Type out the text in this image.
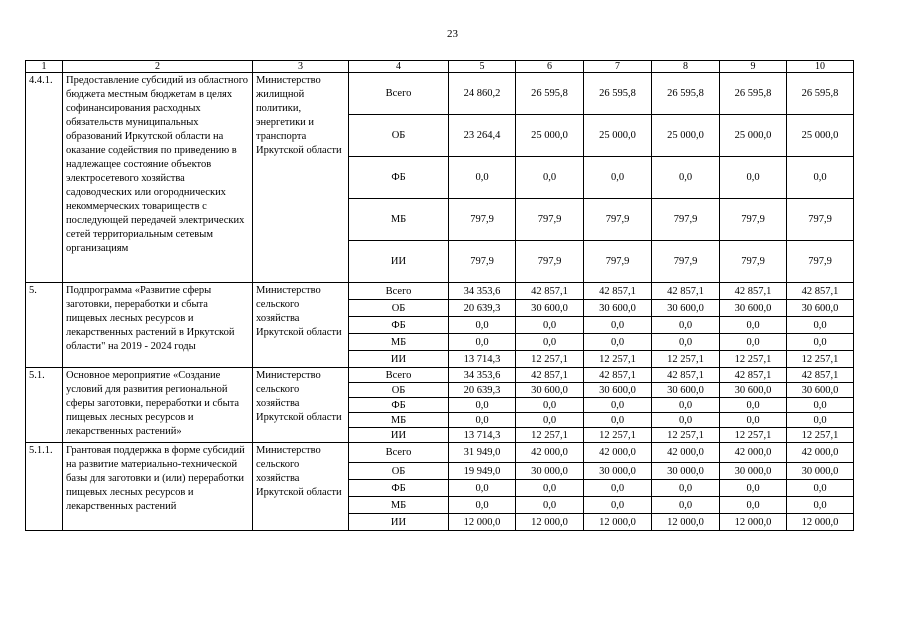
23
1	2	3	4	5	6	7	8	9	10
4.4.1.	Предоставление субсидий из областного бюджета местным бюджетам в целях софинансирования расходных обязательств муниципальных образований Иркутской области на оказание содействия по приведению в надлежащее состояние объектов электросетевого хозяйства садоводческих или огороднических некоммерческих товариществ с последующей передачей электрических сетей территориальным сетевым организациям	Министерство жилищной политики, энергетики и транспорта Иркутской области	Всего	24 860,2	26 595,8	26 595,8	26 595,8	26 595,8	26 595,8
			ОБ	23 264,4	25 000,0	25 000,0	25 000,0	25 000,0	25 000,0
			ФБ	0,0	0,0	0,0	0,0	0,0	0,0
			МБ	797,9	797,9	797,9	797,9	797,9	797,9
			ИИ	797,9	797,9	797,9	797,9	797,9	797,9
5.	Подпрограмма «Развитие сферы заготовки, переработки и сбыта пищевых лесных ресурсов и лекарственных растений в Иркутской области" на 2019 - 2024 годы	Министерство сельского хозяйства Иркутской области	Всего	34 353,6	42 857,1	42 857,1	42 857,1	42 857,1	42 857,1
			ОБ	20 639,3	30 600,0	30 600,0	30 600,0	30 600,0	30 600,0
			ФБ	0,0	0,0	0,0	0,0	0,0	0,0
			МБ	0,0	0,0	0,0	0,0	0,0	0,0
			ИИ	13 714,3	12 257,1	12 257,1	12 257,1	12 257,1	12 257,1
5.1.	Основное мероприятие «Создание условий для развития региональной сферы заготовки, переработки и сбыта пищевых лесных ресурсов и лекарственных растений»	Министерство сельского хозяйства Иркутской области	Всего	34 353,6	42 857,1	42 857,1	42 857,1	42 857,1	42 857,1
			ОБ	20 639,3	30 600,0	30 600,0	30 600,0	30 600,0	30 600,0
			ФБ	0,0	0,0	0,0	0,0	0,0	0,0
			МБ	0,0	0,0	0,0	0,0	0,0	0,0
			ИИ	13 714,3	12 257,1	12 257,1	12 257,1	12 257,1	12 257,1
5.1.1.	Грантовая поддержка в форме субсидий на развитие материально-технической базы для заготовки и (или) переработки пищевых лесных ресурсов и лекарственных растений	Министерство сельского хозяйства Иркутской области	Всего	31 949,0	42 000,0	42 000,0	42 000,0	42 000,0	42 000,0
			ОБ	19 949,0	30 000,0	30 000,0	30 000,0	30 000,0	30 000,0
			ФБ	0,0	0,0	0,0	0,0	0,0	0,0
			МБ	0,0	0,0	0,0	0,0	0,0	0,0
			ИИ	12 000,0	12 000,0	12 000,0	12 000,0	12 000,0	12 000,0
